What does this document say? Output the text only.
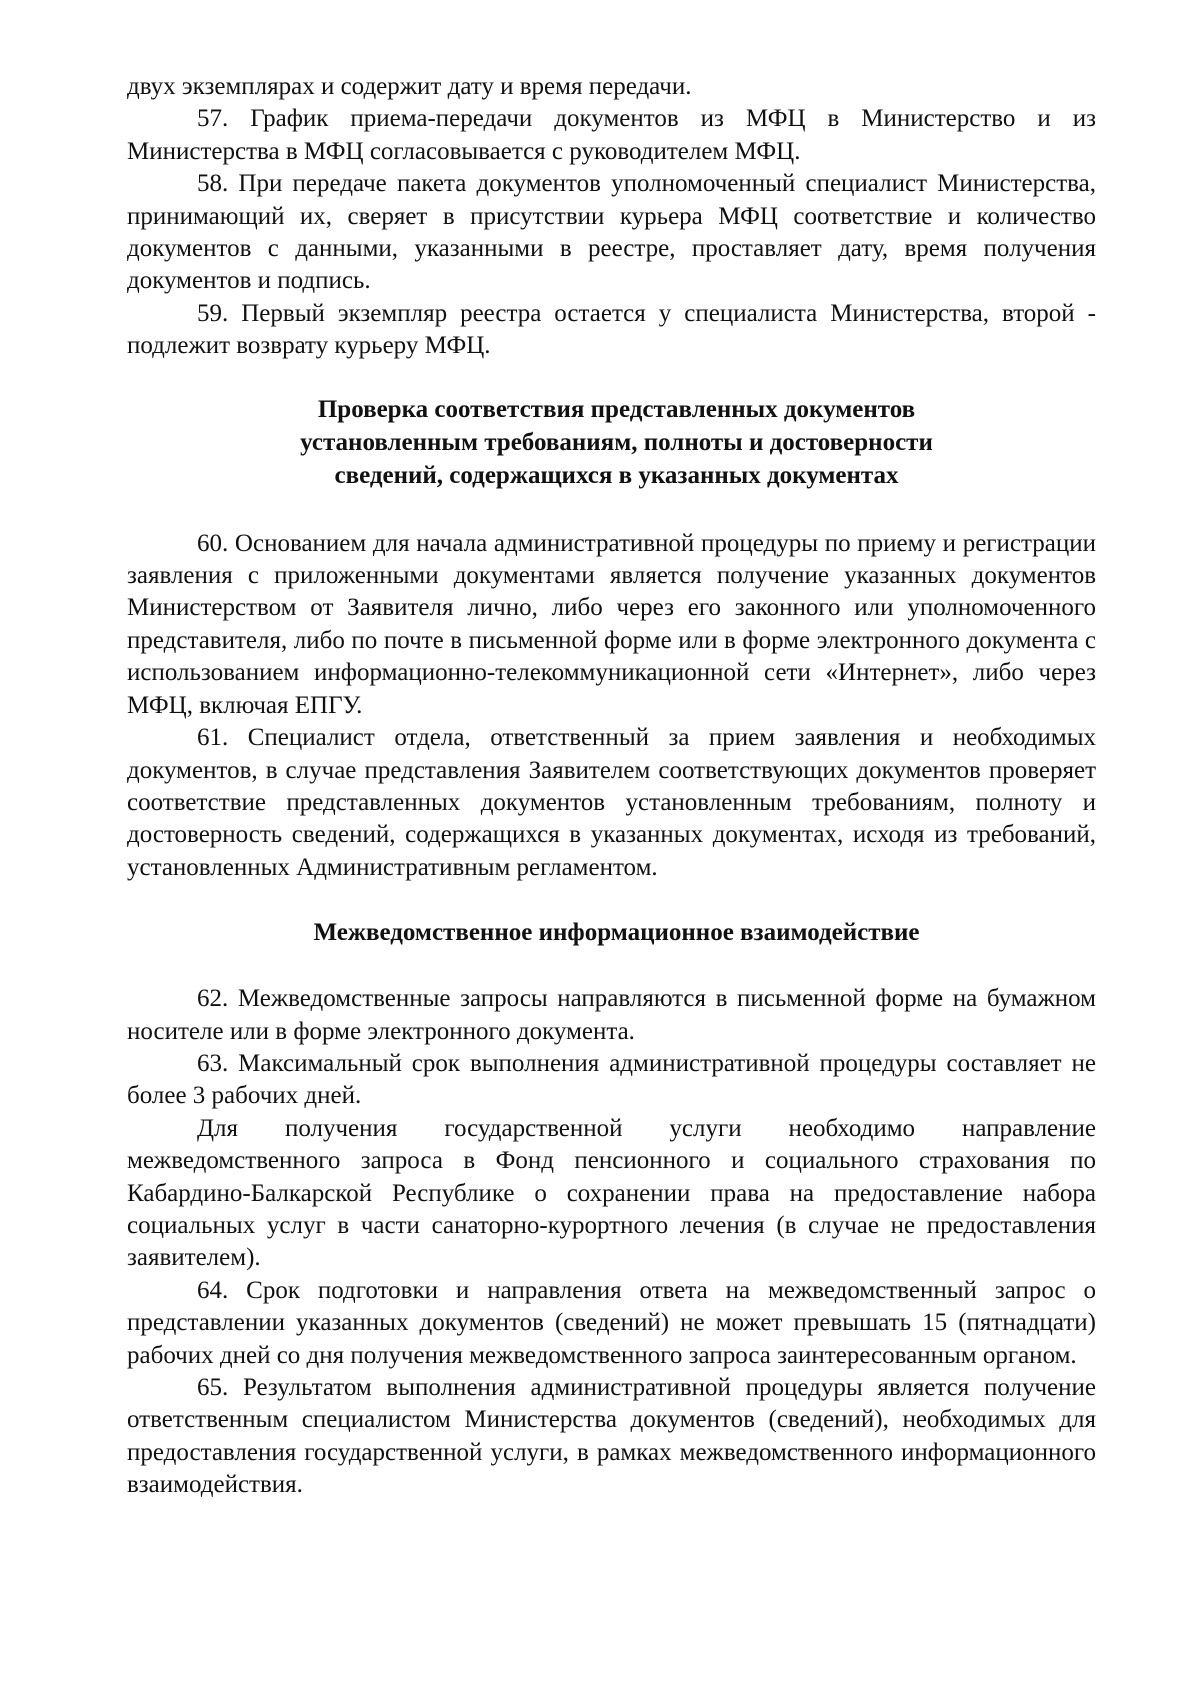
двух экземплярах и содержит дату и время передачи.

57. График приема-передачи документов из МФЦ в Министерство и из Министерства в МФЦ согласовывается с руководителем МФЦ.

58. При передаче пакета документов уполномоченный специалист Министерства, принимающий их, сверяет в присутствии курьера МФЦ соответствие и количество документов с данными, указанными в реестре, проставляет дату, время получения документов и подпись.

59. Первый экземпляр реестра остается у специалиста Министерства, второй - подлежит возврату курьеру МФЦ.

Проверка соответствия представленных документов

установленным требованиям, полноты и достоверности

сведений, содержащихся в указанных документах

60. Основанием для начала административной процедуры по приему и регистрации заявления с приложенными документами является получение указанных документов Министерством от Заявителя лично, либо через его законного или уполномоченного представителя, либо по почте в письменной форме или в форме электронного документа с использованием информационно-телекоммуникационной сети «Интернет», либо через МФЦ, включая ЕПГУ.

61. Специалист отдела, ответственный за прием заявления и необходимых документов, в случае представления Заявителем соответствующих документов проверяет соответствие представленных документов установленным требованиям, полноту и достоверность сведений, содержащихся в указанных документах, исходя из требований, установленных Административным регламентом.

Межведомственное информационное взаимодействие

62. Межведомственные запросы направляются в письменной форме на бумажном носителе или в форме электронного документа.

63. Максимальный срок выполнения административной процедуры составляет не более 3 рабочих дней.

Для получения государственной услуги необходимо направление межведомственного запроса в Фонд пенсионного и социального страхования по Кабардино-Балкарской Республике о сохранении права на предоставление набора социальных услуг в части санаторно-курортного лечения (в случае не предоставления заявителем).

64. Срок подготовки и направления ответа на межведомственный запрос о представлении указанных документов (сведений) не может превышать 15 (пятнадцати) рабочих дней со дня получения межведомственного запроса заинтересованным органом.

65. Результатом выполнения административной процедуры является получение ответственным специалистом Министерства документов (сведений), необходимых для предоставления государственной услуги, в рамках межведомственного информационного взаимодействия.
